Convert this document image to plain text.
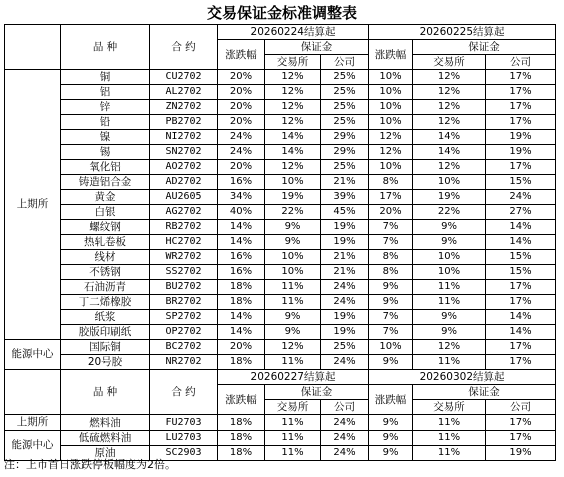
交易保证金标准调整表
	品 种	合 约	20260224结算起			20260225结算起		
			涨跌幅	保证金		涨跌幅	保证金	
				交易所	公司		交易所	公司
上期所	铜	CU2702	20%	12%	25%	10%	12%	17%
	铝	AL2702	20%	12%	25%	10%	12%	17%
	锌	ZN2702	20%	12%	25%	10%	12%	17%
	铅	PB2702	20%	12%	25%	10%	12%	17%
	镍	NI2702	24%	14%	29%	12%	14%	19%
	锡	SN2702	24%	14%	29%	12%	14%	19%
	氧化铝	AO2702	20%	12%	25%	10%	12%	17%
	铸造铝合金	AD2702	16%	10%	21%	8%	10%	15%
	黄金	AU2605	34%	19%	39%	17%	19%	24%
	白银	AG2702	40%	22%	45%	20%	22%	27%
	螺纹钢	RB2702	14%	9%	19%	7%	9%	14%
	热轧卷板	HC2702	14%	9%	19%	7%	9%	14%
	线材	WR2702	16%	10%	21%	8%	10%	15%
	不锈钢	SS2702	16%	10%	21%	8%	10%	15%
	石油沥青	BU2702	18%	11%	24%	9%	11%	17%
	丁二烯橡胶	BR2702	18%	11%	24%	9%	11%	17%
	纸浆	SP2702	14%	9%	19%	7%	9%	14%
	胶版印刷纸	OP2702	14%	9%	19%	7%	9%	14%
能源中心	国际铜	BC2702	20%	12%	25%	10%	12%	17%
	20号胶	NR2702	18%	11%	24%	9%	11%	17%
	品 种	合 约	20260227结算起			20260302结算起		
			涨跌幅	保证金		涨跌幅	保证金	
				交易所	公司		交易所	公司
上期所	燃料油	FU2703	18%	11%	24%	9%	11%	17%
能源中心	低硫燃料油	LU2703	18%	11%	24%	9%	11%	17%
	原油	SC2903	18%	11%	24%	9%	11%	19%
注：上市首日涨跌停板幅度为2倍。
